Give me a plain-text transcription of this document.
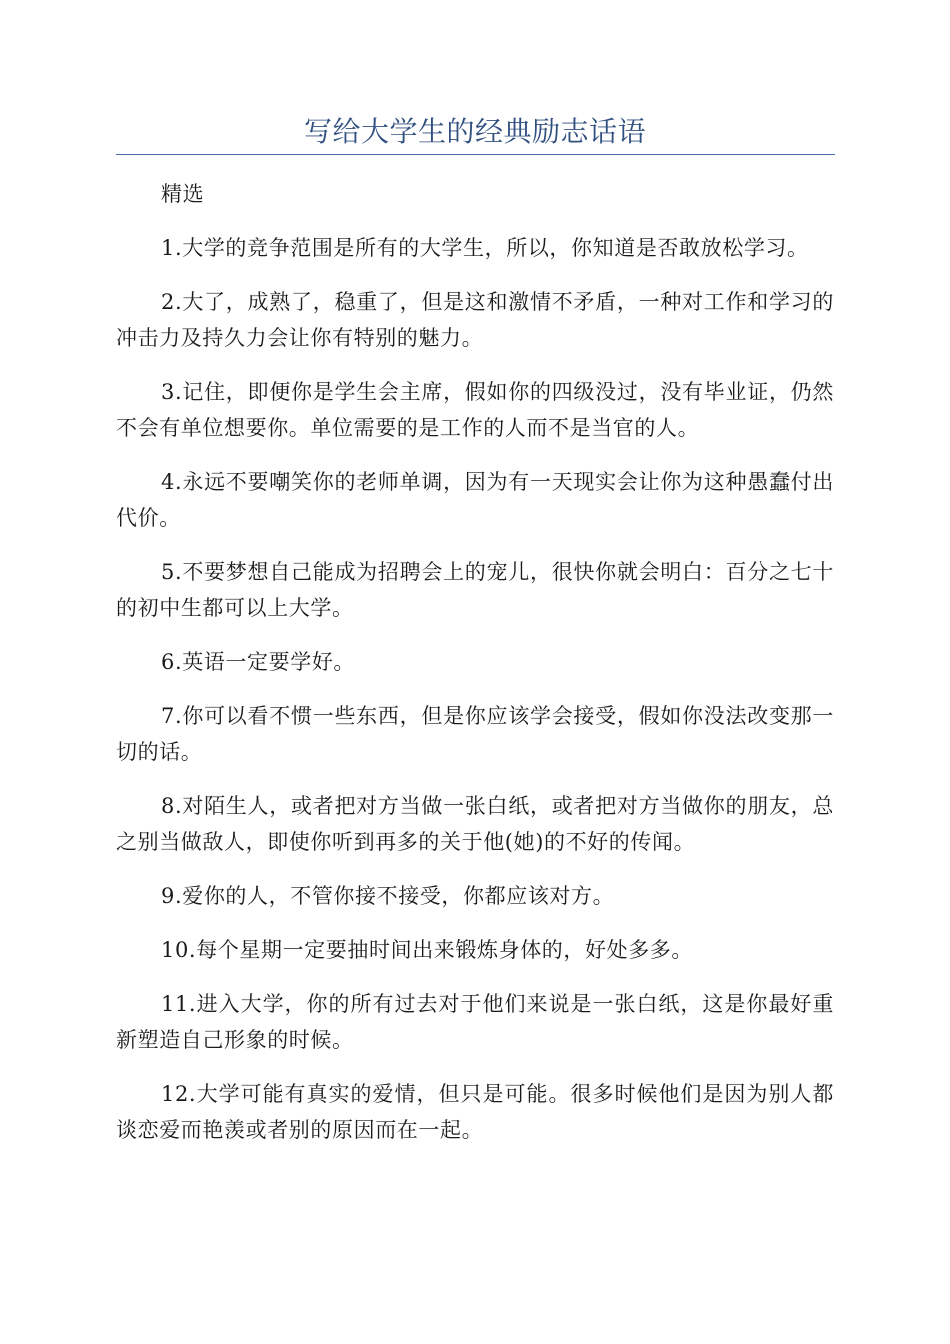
写给大学生的经典励志话语

精选

1.大学的竞争范围是所有的大学生，所以，你知道是否敢放松学习。

2.大了，成熟了，稳重了，但是这和激情不矛盾，一种对工作和学习的冲击力及持久力会让你有特别的魅力。

3.记住，即便你是学生会主席，假如你的四级没过，没有毕业证，仍然不会有单位想要你。单位需要的是工作的人而不是当官的人。

4.永远不要嘲笑你的老师单调，因为有一天现实会让你为这种愚蠢付出代价。

5.不要梦想自己能成为招聘会上的宠儿，很快你就会明白：百分之七十的初中生都可以上大学。

6.英语一定要学好。

7.你可以看不惯一些东西，但是你应该学会接受，假如你没法改变那一切的话。

8.对陌生人，或者把对方当做一张白纸，或者把对方当做你的朋友，总之别当做敌人，即使你听到再多的关于他(她)的不好的传闻。

9.爱你的人，不管你接不接受，你都应该对方。

10.每个星期一定要抽时间出来锻炼身体的，好处多多。

11.进入大学，你的所有过去对于他们来说是一张白纸，这是你最好重新塑造自己形象的时候。

12.大学可能有真实的爱情，但只是可能。很多时候他们是因为别人都谈恋爱而艳羡或者别的原因而在一起。
